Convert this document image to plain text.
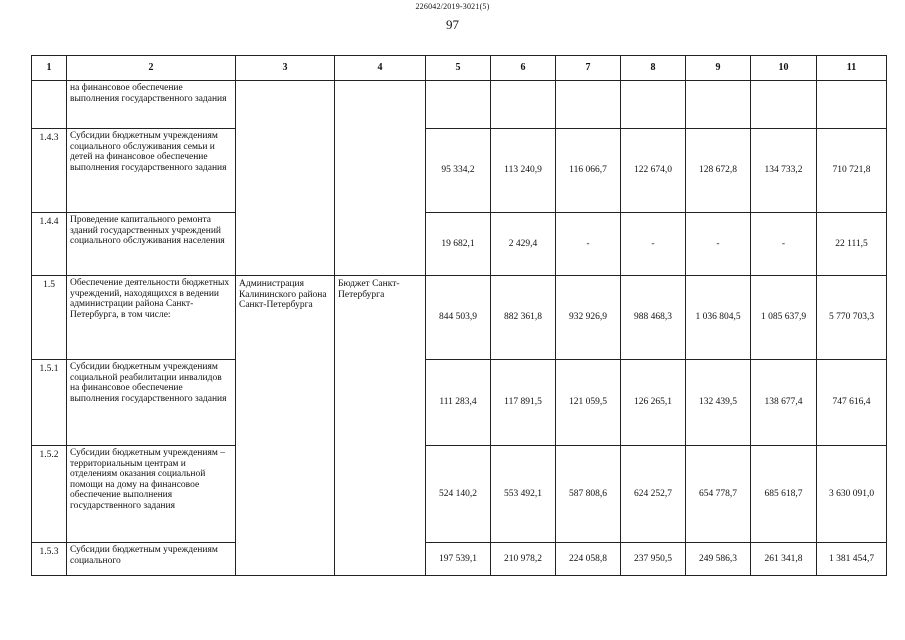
226042/2019-3021(5)
97
1	2	3	4	5	6	7	8	9	10	11
	на финансовое обеспечение выполнения государственного задания									
1.4.3	Субсидии бюджетным учреждениям социального обслуживания семьи и детей на финансовое обеспечение выполнения государственного задания			95 334,2	113 240,9	116 066,7	122 674,0	128 672,8	134 733,2	710 721,8
1.4.4	Проведение капитального ремонта зданий государственных учреждений социального обслуживания населения			19 682,1	2 429,4	-	-	-	-	22 111,5
1.5	Обеспечение деятельности бюджетных учреждений, находящихся в ведении администрации района Санкт-Петербурга, в том числе:	Администрация Калининского района Санкт-Петербурга	Бюджет Санкт-Петербурга	844 503,9	882 361,8	932 926,9	988 468,3	1 036 804,5	1 085 637,9	5 770 703,3
1.5.1	Субсидии бюджетным учреждениям социальной реабилитации инвалидов на финансовое обеспечение выполнения государственного задания			111 283,4	117 891,5	121 059,5	126 265,1	132 439,5	138 677,4	747 616,4
1.5.2	Субсидии бюджетным учреждениям – территориальным центрам и отделениям оказания социальной помощи на дому на финансовое обеспечение выполнения государственного задания			524 140,2	553 492,1	587 808,6	624 252,7	654 778,7	685 618,7	3 630 091,0
1.5.3	Субсидии бюджетным учреждениям социального			197 539,1	210 978,2	224 058,8	237 950,5	249 586,3	261 341,8	1 381 454,7
